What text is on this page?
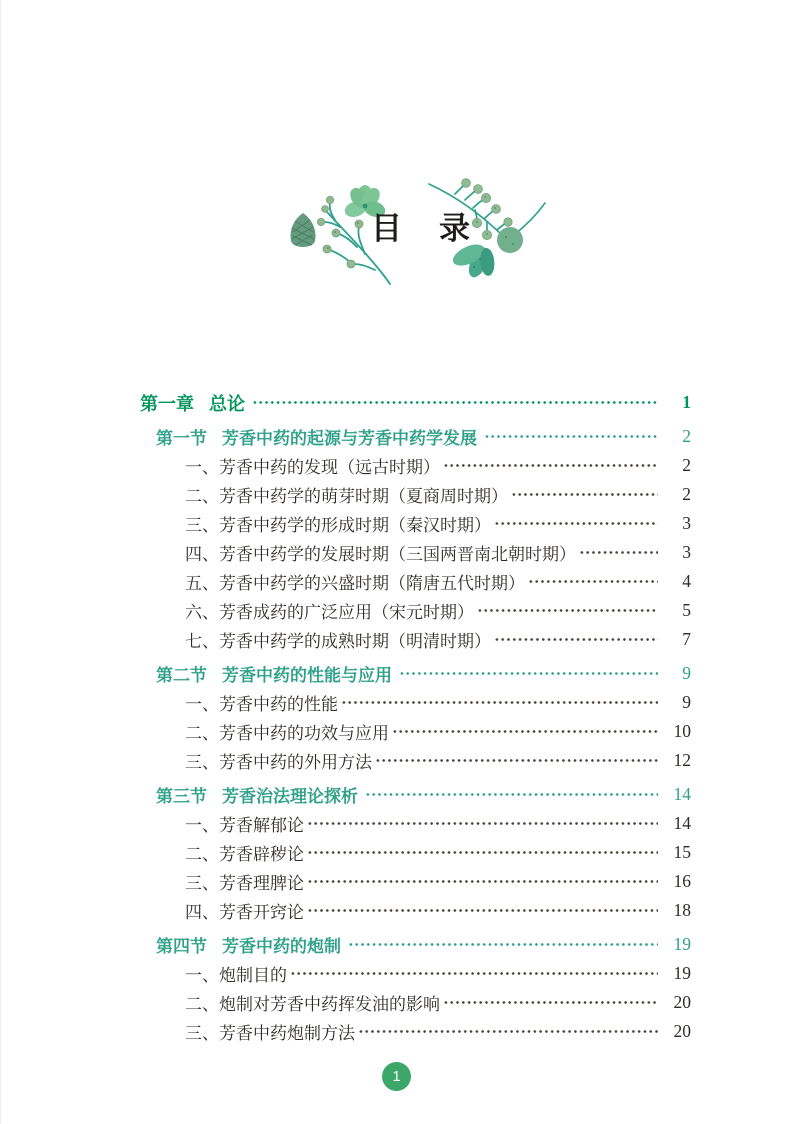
目　录
第一章 总论	1
第一节 芳香中药的起源与芳香中药学发展	2
一、 芳香中药的发现（远古时期）	2
二、 芳香中药学的萌芽时期（夏商周时期）	2
三、 芳香中药学的形成时期（秦汉时期）	3
四、 芳香中药学的发展时期（三国两晋南北朝时期）	3
五、 芳香中药学的兴盛时期（隋唐五代时期）	4
六、 芳香成药的广泛应用（宋元时期）	5
七、 芳香中药学的成熟时期（明清时期）	7
第二节 芳香中药的性能与应用	9
一、 芳香中药的性能	9
二、 芳香中药的功效与应用	10
三、 芳香中药的外用方法	12
第三节 芳香治法理论探析	14
一、 芳香解郁论	14
二、 芳香辟秽论	15
三、 芳香理脾论	16
四、 芳香开窍论	18
第四节 芳香中药的炮制	19
一、 炮制目的	19
二、 炮制对芳香中药挥发油的影响	20
三、 芳香中药炮制方法	20
1
